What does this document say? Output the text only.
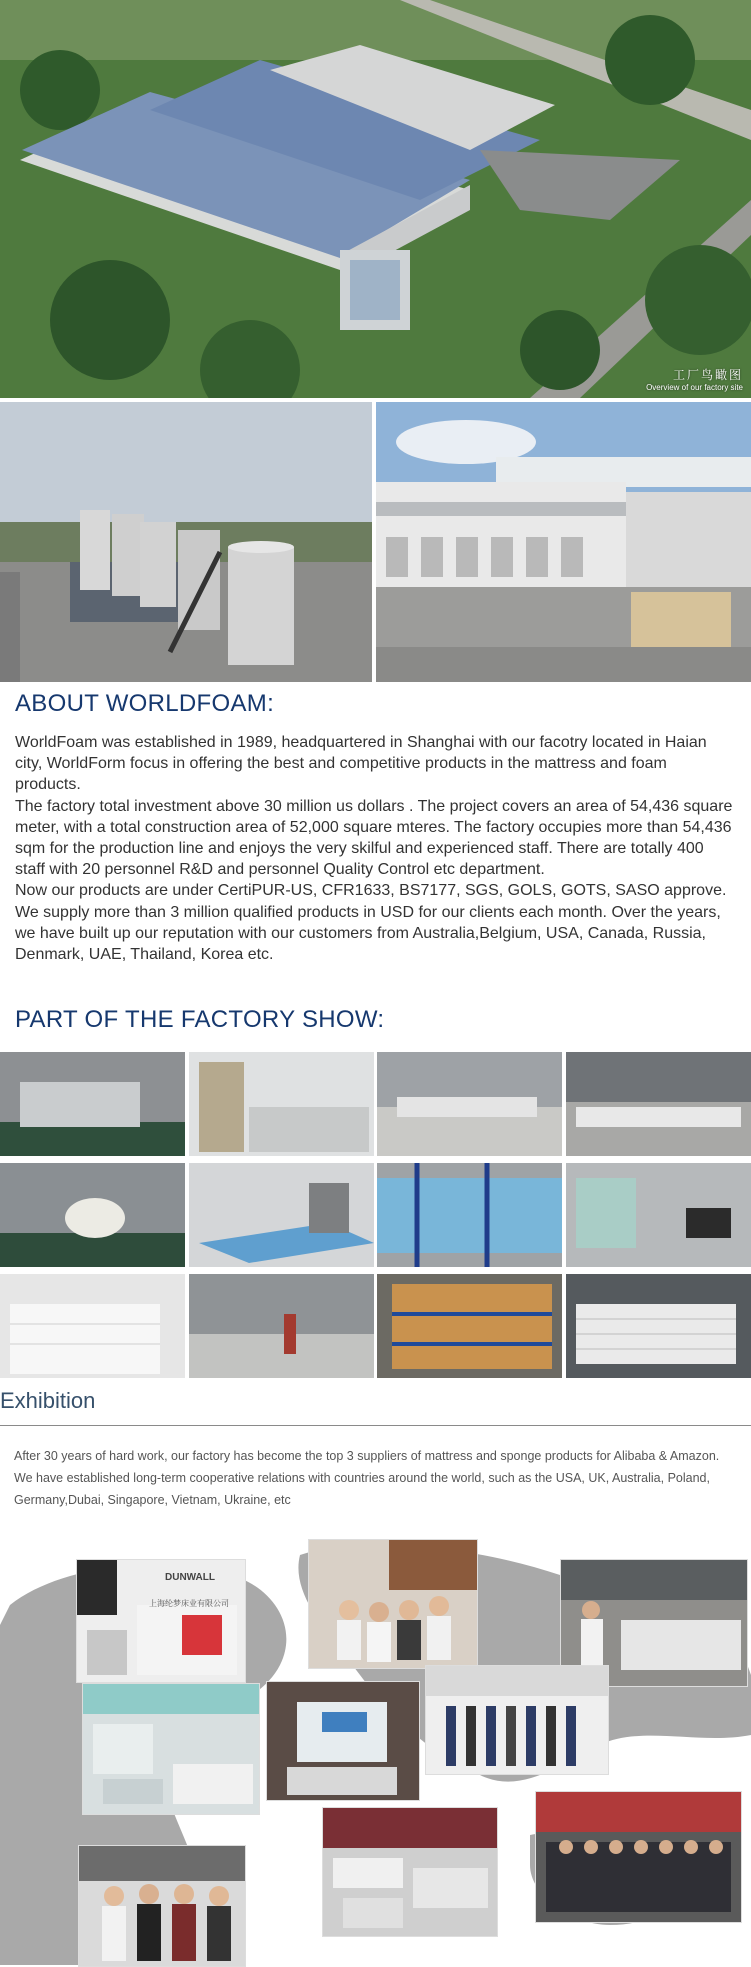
工厂鸟瞰图
Overview of our factory site
ABOUT WORLDFOAM:

WorldFoam was established in 1989, headquartered in Shanghai with our facotry located in Haian city, WorldForm focus in offering the best and competitive products in the mattress and foam products.

The factory total investment above 30 million us dollars . The project covers an area of 54,436 square meter, with a total construction area of 52,000 square mteres. The factory occupies more than 54,436 sqm for the production line and enjoys the very skilful and experienced staff. There are totally 400 staff with 20 personnel R&D and personnel Quality Control etc department.

Now our products are under CertiPUR-US, CFR1633, BS7177, SGS, GOLS, GOTS, SASO approve. We supply more than 3 million qualified products in USD for our clients each month. Over the years, we have built up our reputation with our customers from Australia,Belgium, USA, Canada, Russia, Denmark, UAE, Thailand, Korea etc.

PART OF THE FACTORY SHOW:
Exhibition
After 30 years of hard work, our factory has become the top 3 suppliers of mattress and sponge products for Alibaba & Amazon. We have established long-term cooperative relations with countries around the world, such as the USA, UK, Australia, Poland, Germany,Dubai, Singapore, Vietnam, Ukraine, etc
DUNWALL
上海纶梦床业有限公司
